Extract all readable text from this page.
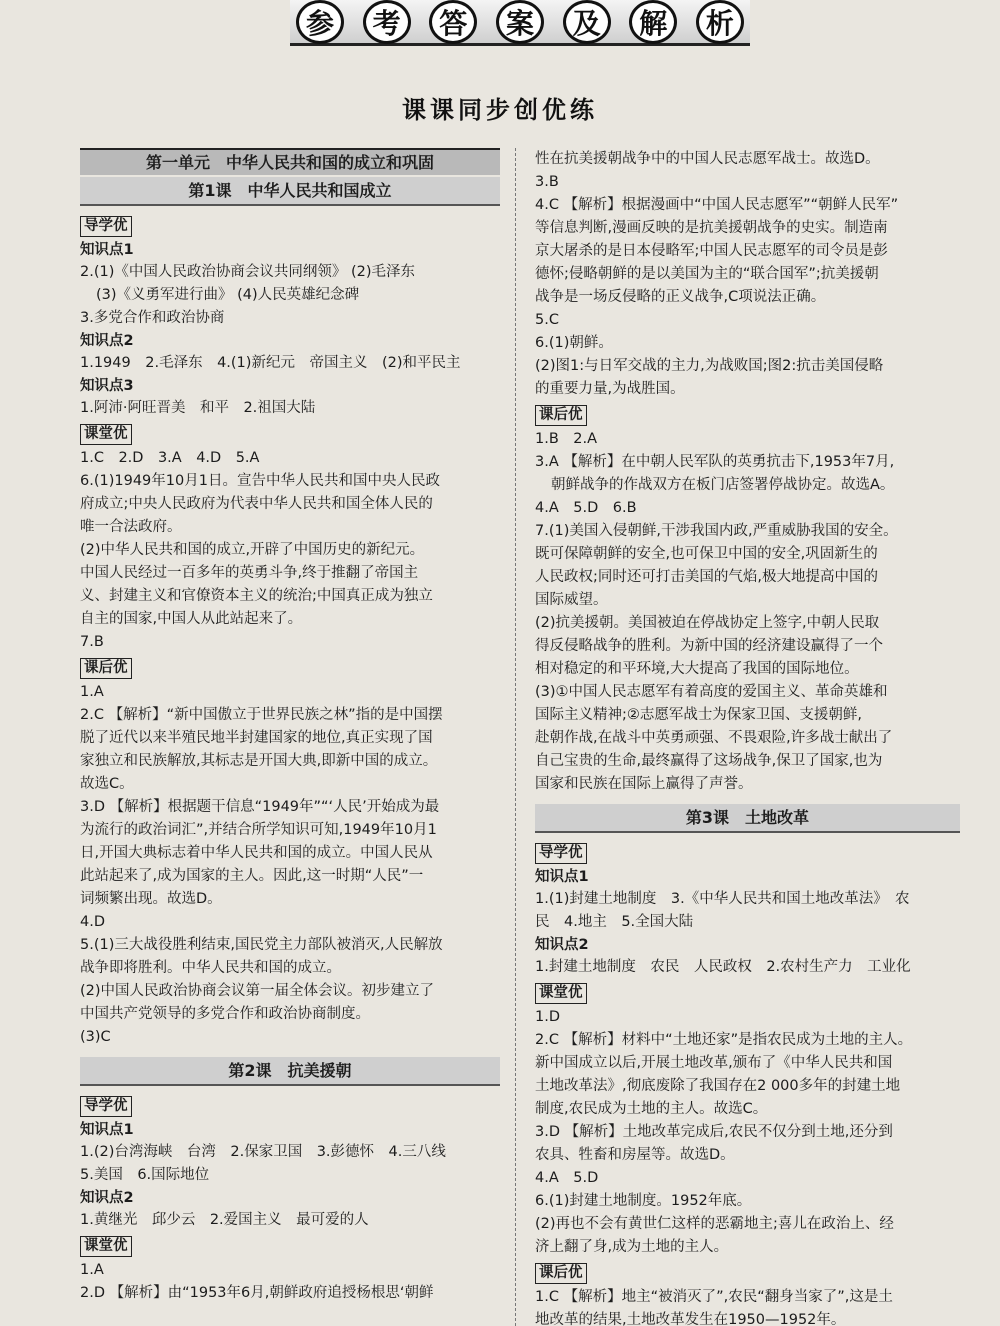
参	考	答	案	及	解	析
课课同步创优练
第一单元　中华人民共和国的成立和巩固
第1课　中华人民共和国成立
导学优
知识点1

2.(1)《中国人民政治协商会议共同纲领》 (2)毛泽东

(3)《义勇军进行曲》 (4)人民英雄纪念碑

3.多党合作和政治协商

知识点2

1.1949　2.毛泽东　4.(1)新纪元　帝国主义　(2)和平民主

知识点3

1.阿沛·阿旺晋美　和平　2.祖国大陆

课堂优

1.C　2.D　3.A　4.D　5.A

6.(1)1949年10月1日。宣告中华人民共和国中央人民政

府成立;中央人民政府为代表中华人民共和国全体人民的

唯一合法政府。

(2)中华人民共和国的成立,开辟了中国历史的新纪元。

中国人民经过一百多年的英勇斗争,终于推翻了帝国主

义、封建主义和官僚资本主义的统治;中国真正成为独立

自主的国家,中国人从此站起来了。

7.B

课后优

1.A

2.C 【解析】“新中国傲立于世界民族之林”指的是中国摆

脱了近代以来半殖民地半封建国家的地位,真正实现了国

家独立和民族解放,其标志是开国大典,即新中国的成立。

故选C。

3.D 【解析】根据题干信息“1949年”“‘人民’开始成为最

为流行的政治词汇”,并结合所学知识可知,1949年10月1

日,开国大典标志着中华人民共和国的成立。中国人民从

此站起来了,成为国家的主人。因此,这一时期“人民”一

词频繁出现。故选D。

4.D

5.(1)三大战役胜利结束,国民党主力部队被消灭,人民解放

战争即将胜利。中华人民共和国的成立。

(2)中国人民政治协商会议第一届全体会议。初步建立了

中国共产党领导的多党合作和政治协商制度。

(3)C

第2课　抗美援朝
导学优
知识点1

1.(2)台湾海峡　台湾　2.保家卫国　3.彭德怀　4.三八线

5.美国　6.国际地位

知识点2

1.黄继光　邱少云　2.爱国主义　最可爱的人

课堂优

1.A

2.D 【解析】由“1953年6月,朝鲜政府追授杨根思‘朝鲜

性在抗美援朝战争中的中国人民志愿军战士。故选D。

3.B

4.C 【解析】根据漫画中“中国人民志愿军”“朝鲜人民军”

等信息判断,漫画反映的是抗美援朝战争的史实。制造南

京大屠杀的是日本侵略军;中国人民志愿军的司令员是彭

德怀;侵略朝鲜的是以美国为主的“联合国军”;抗美援朝

战争是一场反侵略的正义战争,C项说法正确。

5.C

6.(1)朝鲜。

(2)图1:与日军交战的主力,为战败国;图2:抗击美国侵略

的重要力量,为战胜国。

课后优

1.B　2.A

3.A 【解析】在中朝人民军队的英勇抗击下,1953年7月,

朝鲜战争的作战双方在板门店签署停战协定。故选A。

4.A　5.D　6.B

7.(1)美国入侵朝鲜,干涉我国内政,严重威胁我国的安全。

既可保障朝鲜的安全,也可保卫中国的安全,巩固新生的

人民政权;同时还可打击美国的气焰,极大地提高中国的

国际威望。

(2)抗美援朝。美国被迫在停战协定上签字,中朝人民取

得反侵略战争的胜利。为新中国的经济建设赢得了一个

相对稳定的和平环境,大大提高了我国的国际地位。

(3)①中国人民志愿军有着高度的爱国主义、革命英雄和

国际主义精神;②志愿军战士为保家卫国、支援朝鲜,

赴朝作战,在战斗中英勇顽强、不畏艰险,许多战士献出了

自己宝贵的生命,最终赢得了这场战争,保卫了国家,也为

国家和民族在国际上赢得了声誉。

第3课　土地改革
导学优
知识点1

1.(1)封建土地制度　3.《中华人民共和国土地改革法》　农

民　4.地主　5.全国大陆

知识点2

1.封建土地制度　农民　人民政权　2.农村生产力　工业化

课堂优

1.D

2.C 【解析】材料中“土地还家”是指农民成为土地的主人。

新中国成立以后,开展土地改革,颁布了《中华人民共和国

土地改革法》,彻底废除了我国存在2 000多年的封建土地

制度,农民成为土地的主人。故选C。

3.D 【解析】土地改革完成后,农民不仅分到土地,还分到

农具、牲畜和房屋等。故选D。

4.A　5.D

6.(1)封建土地制度。1952年底。

(2)再也不会有黄世仁这样的恶霸地主;喜儿在政治上、经

济上翻了身,成为土地的主人。

课后优

1.C 【解析】地主“被消灭了”,农民“翻身当家了”,这是土

地改革的结果,土地改革发生在1950—1952年。
